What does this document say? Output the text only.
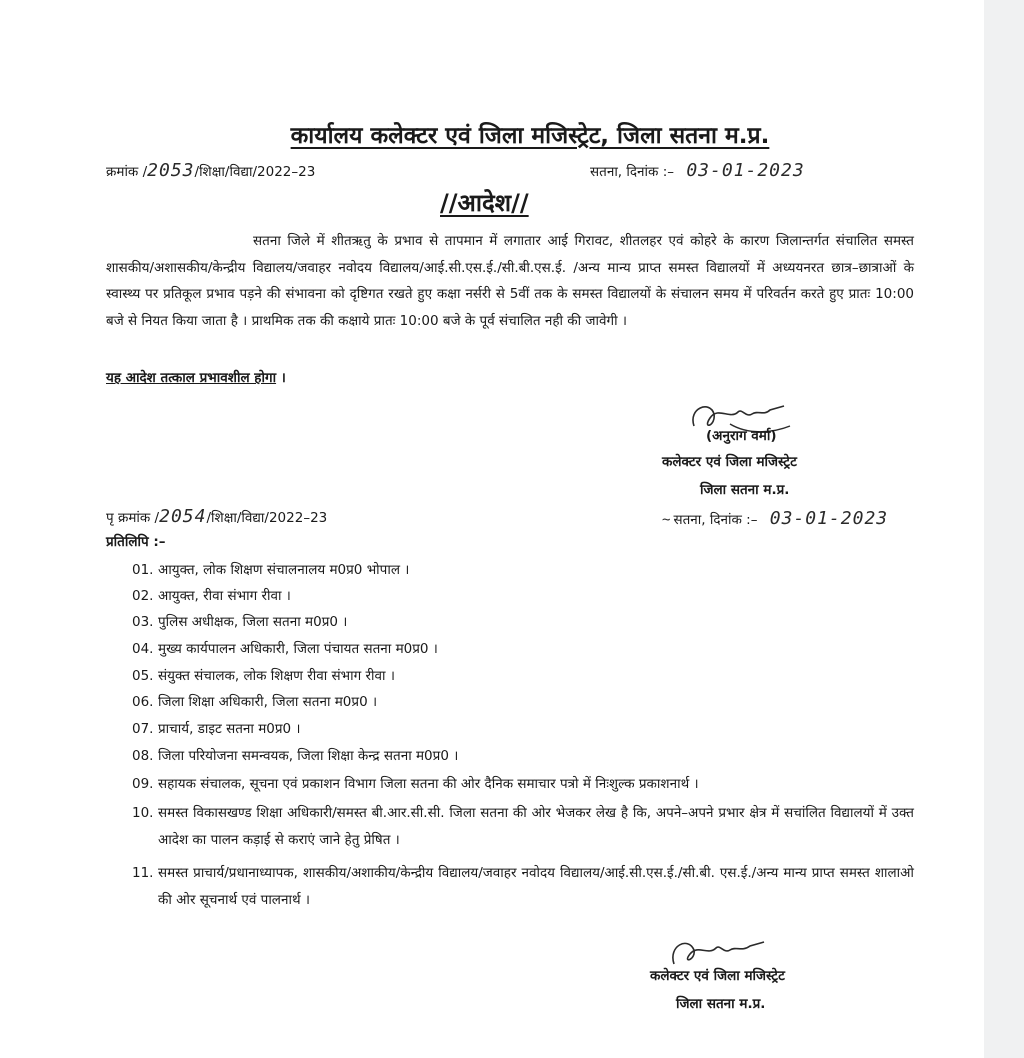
कार्यालय कलेक्टर एवं जिला मजिस्ट्रेट, जिला सतना म.प्र.
क्रमांक /2053/शिक्षा/विद्या/2022–23	सतना, दिनांक :– 03-01-2023
//आदेश//

सतना जिले में शीतऋतु के प्रभाव से तापमान में लगातार आई गिरावट, शीतलहर एवं कोहरे के कारण जिलान्तर्गत संचालित समस्त शासकीय/अशासकीय/केन्द्रीय विद्यालय/जवाहर नवोदय विद्यालय/आई.सी.एस.ई./सी.बी.एस.ई. /अन्य मान्य प्राप्त समस्त विद्यालयों में अध्ययनरत छात्र–छात्राओं के स्वास्थ्य पर प्रतिकूल प्रभाव पड़ने की संभावना को दृष्टिगत रखते हुए कक्षा नर्सरी से 5वीं तक के समस्त विद्यालयों के संचालन समय में परिवर्तन करते हुए प्रातः 10:00 बजे से नियत किया जाता है । प्राथमिक तक की कक्षाये प्रातः 10:00 बजे के पूर्व संचालित नही की जावेगी ।

यह आदेश तत्काल प्रभावशील होगा ।
(अनुराग वर्मा)
कलेक्टर एवं जिला मजिस्ट्रेट
जिला सतना म.प्र.
पृ क्रमांक /2054/शिक्षा/विद्या/2022–23	~ सतना, दिनांक :– 03-01-2023
प्रतिलिपि :–
01. आयुक्त, लोक शिक्षण संचालनालय म0प्र0 भोपाल ।
02. आयुक्त, रीवा संभाग रीवा ।
03. पुलिस अधीक्षक, जिला सतना म0प्र0 ।
04. मुख्य कार्यपालन अधिकारी, जिला पंचायत सतना म0प्र0 ।
05. संयुक्त संचालक, लोक शिक्षण रीवा संभाग रीवा ।
06. जिला शिक्षा अधिकारी, जिला सतना म0प्र0 ।
07. प्राचार्य, डाइट सतना म0प्र0 ।
08. जिला परियोजना समन्वयक, जिला शिक्षा केन्द्र सतना म0प्र0 ।
09. सहायक संचालक, सूचना एवं प्रकाशन विभाग जिला सतना की ओर दैनिक समाचार पत्रो में निःशुल्क प्रकाशनार्थ ।
10. समस्त विकासखण्ड शिक्षा अधिकारी/समस्त बी.आर.सी.सी. जिला सतना की ओर भेजकर लेख है कि, अपने–अपने प्रभार क्षेत्र में सचांलित विद्यालयों में उक्त आदेश का पालन कड़ाई से कराएं जाने हेतु प्रेषित ।
11. समस्त प्राचार्य/प्रधानाध्यापक, शासकीय/अशाकीय/केन्द्रीय विद्यालय/जवाहर नवोदय विद्यालय/आई.सी.एस.ई./सी.बी. एस.ई./अन्य मान्य प्राप्त समस्त शालाओ की ओर सूचनार्थ एवं पालनार्थ ।
कलेक्टर एवं जिला मजिस्ट्रेट
जिला सतना म.प्र.
